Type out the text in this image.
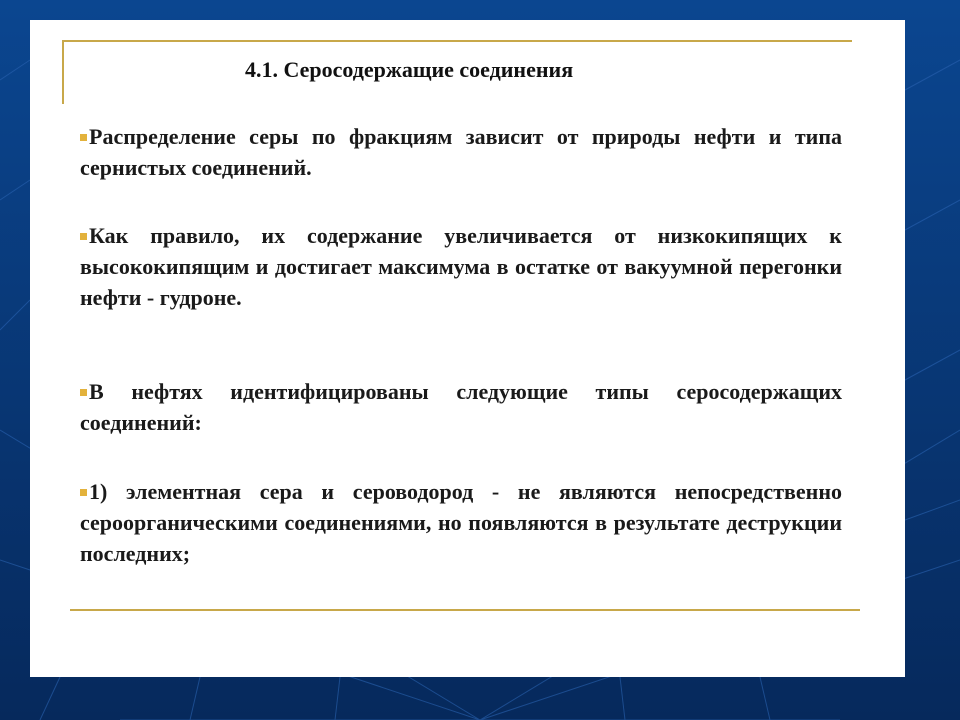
4.1. Серосодержащие соединения
Распределение серы по фракциям зависит от природы нефти и типа сернистых соединений.
Как правило, их содержание увеличивается от низкокипящих к высококипящим и достигает максимума в остатке от вакуумной перегонки нефти - гудроне.
В нефтях идентифицированы следующие типы серосодержащих соединений:
1) элементная сера и сероводород - не являются непосредственно сероорганическими соединениями, но появляются в результате деструкции последних;
